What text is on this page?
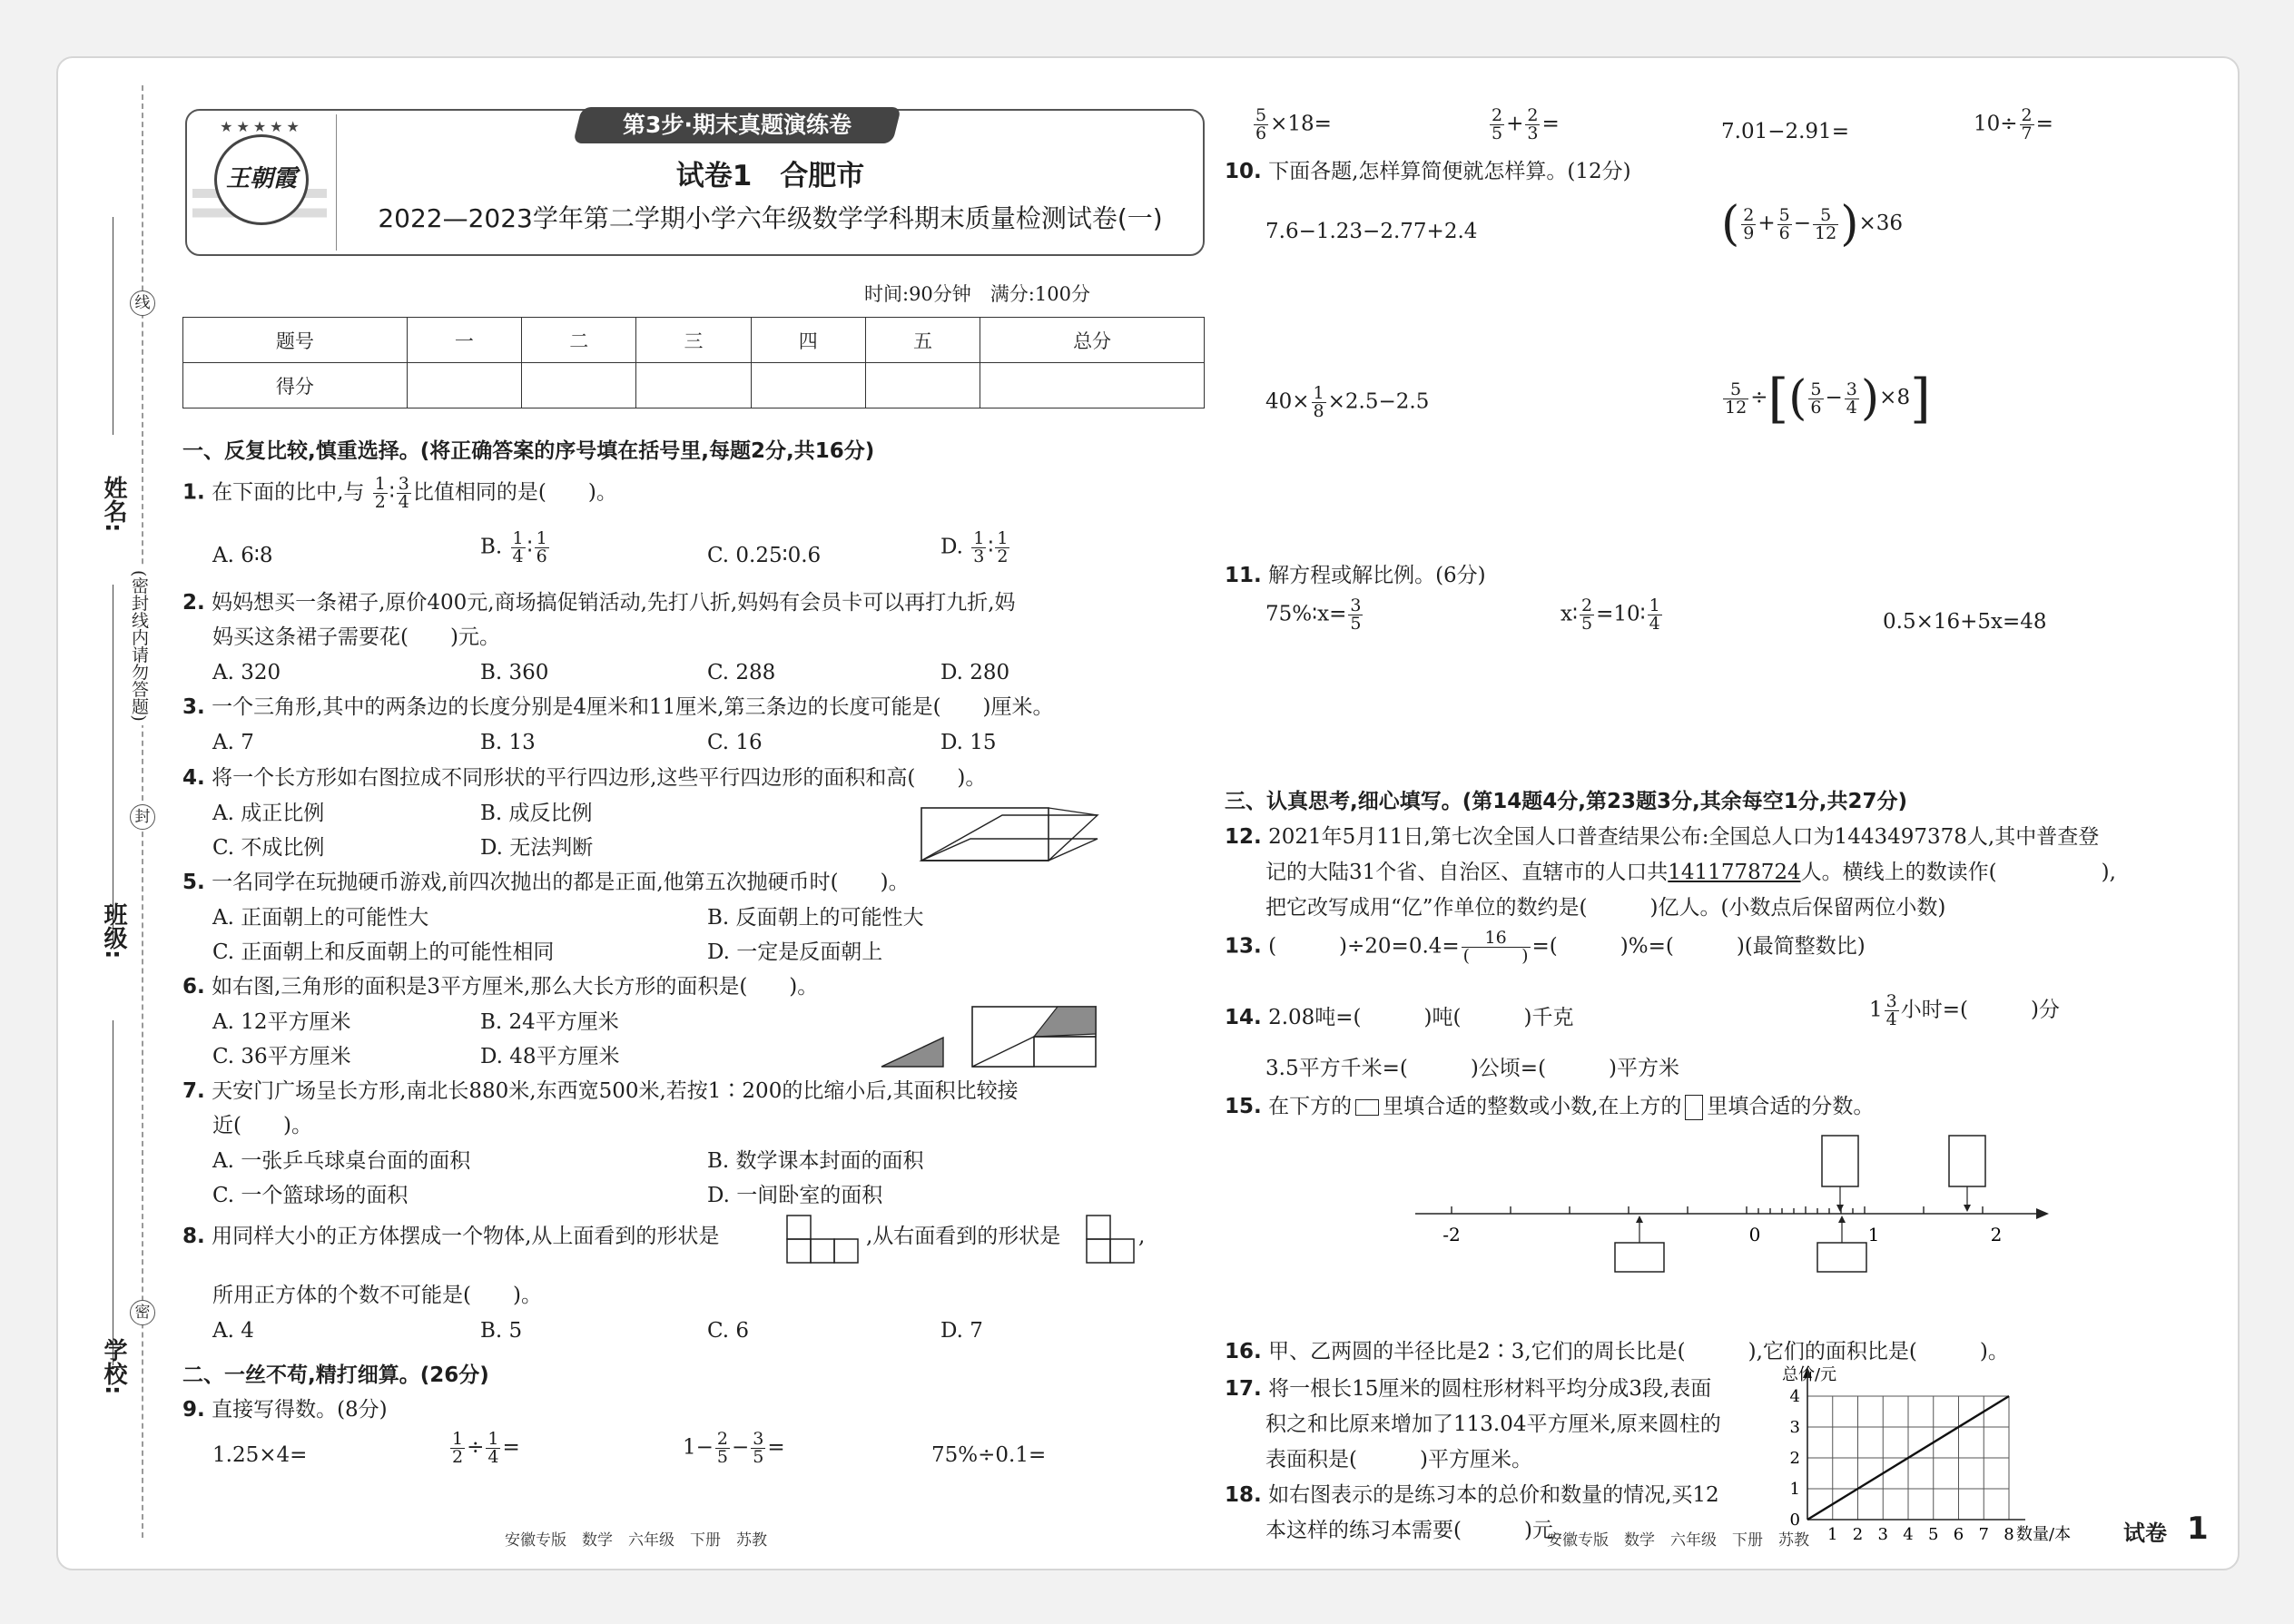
姓名:
班级:
学校:
线
封
密
(密封线内请勿答题)
★★★★★
王朝霞
第3步·期末真题演练卷
试卷1　合肥市
2022—2023学年第二学期小学六年级数学学科期末质量检测试卷(一)
时间:90分钟　满分:100分
题号	一	二	三	四	五	总分
得分						
一、反复比较,慎重选择。(将正确答案的序号填在括号里,每题2分,共16分)
1. 在下面的比中,与 $\frac{1}{2}$ ∶ $\frac{3}{4}$ 比值相同的是(　　)。
A. 6∶8	B. $\frac{1}{4}$ ∶ $\frac{1}{6}$	C. 0.25∶0.6	D. $\frac{1}{3}$ ∶ $\frac{1}{2}$
2. 妈妈想买一条裙子,原价400元,商场搞促销活动,先打八折,妈妈有会员卡可以再打九折,妈
妈买这条裙子需要花(　　)元。
A. 320	B. 360	C. 288	D. 280
3. 一个三角形,其中的两条边的长度分别是4厘米和11厘米,第三条边的长度可能是(　　)厘米。
A. 7	B. 13	C. 16	D. 15
4. 将一个长方形如右图拉成不同形状的平行四边形,这些平行四边形的面积和高(　　)。
A. 成正比例	B. 成反比例
C. 不成比例	D. 无法判断
5. 一名同学在玩抛硬币游戏,前四次抛出的都是正面,他第五次抛硬币时(　　)。
A. 正面朝上的可能性大	B. 反面朝上的可能性大
C. 正面朝上和反面朝上的可能性相同	D. 一定是反面朝上
6. 如右图,三角形的面积是3平方厘米,那么大长方形的面积是(　　)。
A. 12平方厘米	B. 24平方厘米
C. 36平方厘米	D. 48平方厘米
7. 天安门广场呈长方形,南北长880米,东西宽500米,若按1∶200的比缩小后,其面积比较接
近(　　)。
A. 一张乒乓球桌台面的面积	B. 数学课本封面的面积
C. 一个篮球场的面积	D. 一间卧室的面积
8. 用同样大小的正方体摆成一个物体,从上面看到的形状是	,从右面看到的形状是	,
所用正方体的个数不可能是(　　)。
A. 4	B. 5	C. 6	D. 7
二、一丝不苟,精打细算。(26分)
9. 直接写得数。(8分)
1.25×4=	$\frac{1}{2} \div \frac{1}{4}$ =	$1- \frac{2}{5} - \frac{3}{5}$ =	75%÷0.1=
安徽专版　数学　六年级　下册　苏教
$\frac{5}{6} \times 18=$	$\frac{2}{5} + \frac{2}{3}$ =	7.01−2.91=	$10\div \frac{2}{7}$ =
10. 下面各题,怎样算简便就怎样算。(12分)
7.6−1.23−2.77+2.4	( $\frac{2}{9} + \frac{5}{6} - \frac{5}{12} )\times 36$
$40\times \frac{1}{8} \times 2.5-2.5$	$\frac{5}{12}$ ÷[( $\frac{5}{6} - \frac{3}{4} )\times 8$]
11. 解方程或解比例。(6分)
75%∶x= $\frac{3}{5}$	x∶ $\frac{2}{5}$ =10∶ $\frac{1}{4}$	0.5×16+5x=48
三、认真思考,细心填写。(第14题4分,第23题3分,其余每空1分,共27分)
12. 2021年5月11日,第七次全国人口普查结果公布:全国总人口为1443497378人,其中普查登
记的大陆31个省、自治区、直辖市的人口共1411778724人。横线上的数读作(　　　　　),
把它改写成用“亿”作单位的数约是(　　　)亿人。(小数点后保留两位小数)
13. (　　　)÷20=0.4= 16
(　　　) =(　　　)%=(　　　)(最简整数比)
14. 2.08吨=(　　　)吨(　　　)千克	$1 \frac{3}{4}$ 小时=(　　　)分
3.5平方千米=(　　　)公顷=(　　　)平方米
15. 在下方的 里填合适的整数或小数,在上方的 里填合适的分数。
-2	0	1	2
16. 甲、乙两圆的半径比是2∶3,它们的周长比是(　　　),它们的面积比是(　　　)。
17. 将一根长15厘米的圆柱形材料平均分成3段,表面
积之和比原来增加了113.04平方厘米,原来圆柱的
表面积是(　　　)平方厘米。
18. 如右图表示的是练习本的总价和数量的情况,买12
本这样的练习本需要(　　　)元。	1 2 3 4 5 6 7 8
0
1
2
3
4
数量/本
总价/元
安徽专版　数学　六年级　下册　苏教	试卷 1
